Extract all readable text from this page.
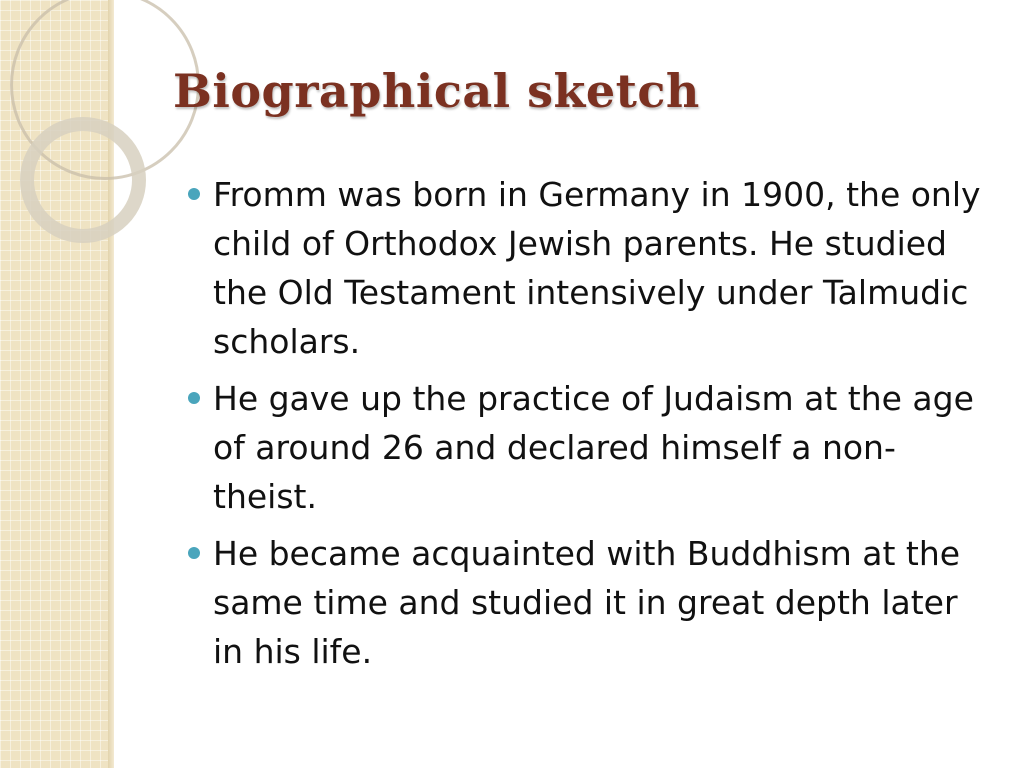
Biographical sketch
Fromm was born in Germany in 1900, the only child of Orthodox Jewish parents. He studied the Old Testament intensively under Talmudic scholars.
He gave up the practice of Judaism at the age of around 26 and declared himself a non-theist.
He became acquainted with Buddhism at the same time and studied it in great depth later in his life.
